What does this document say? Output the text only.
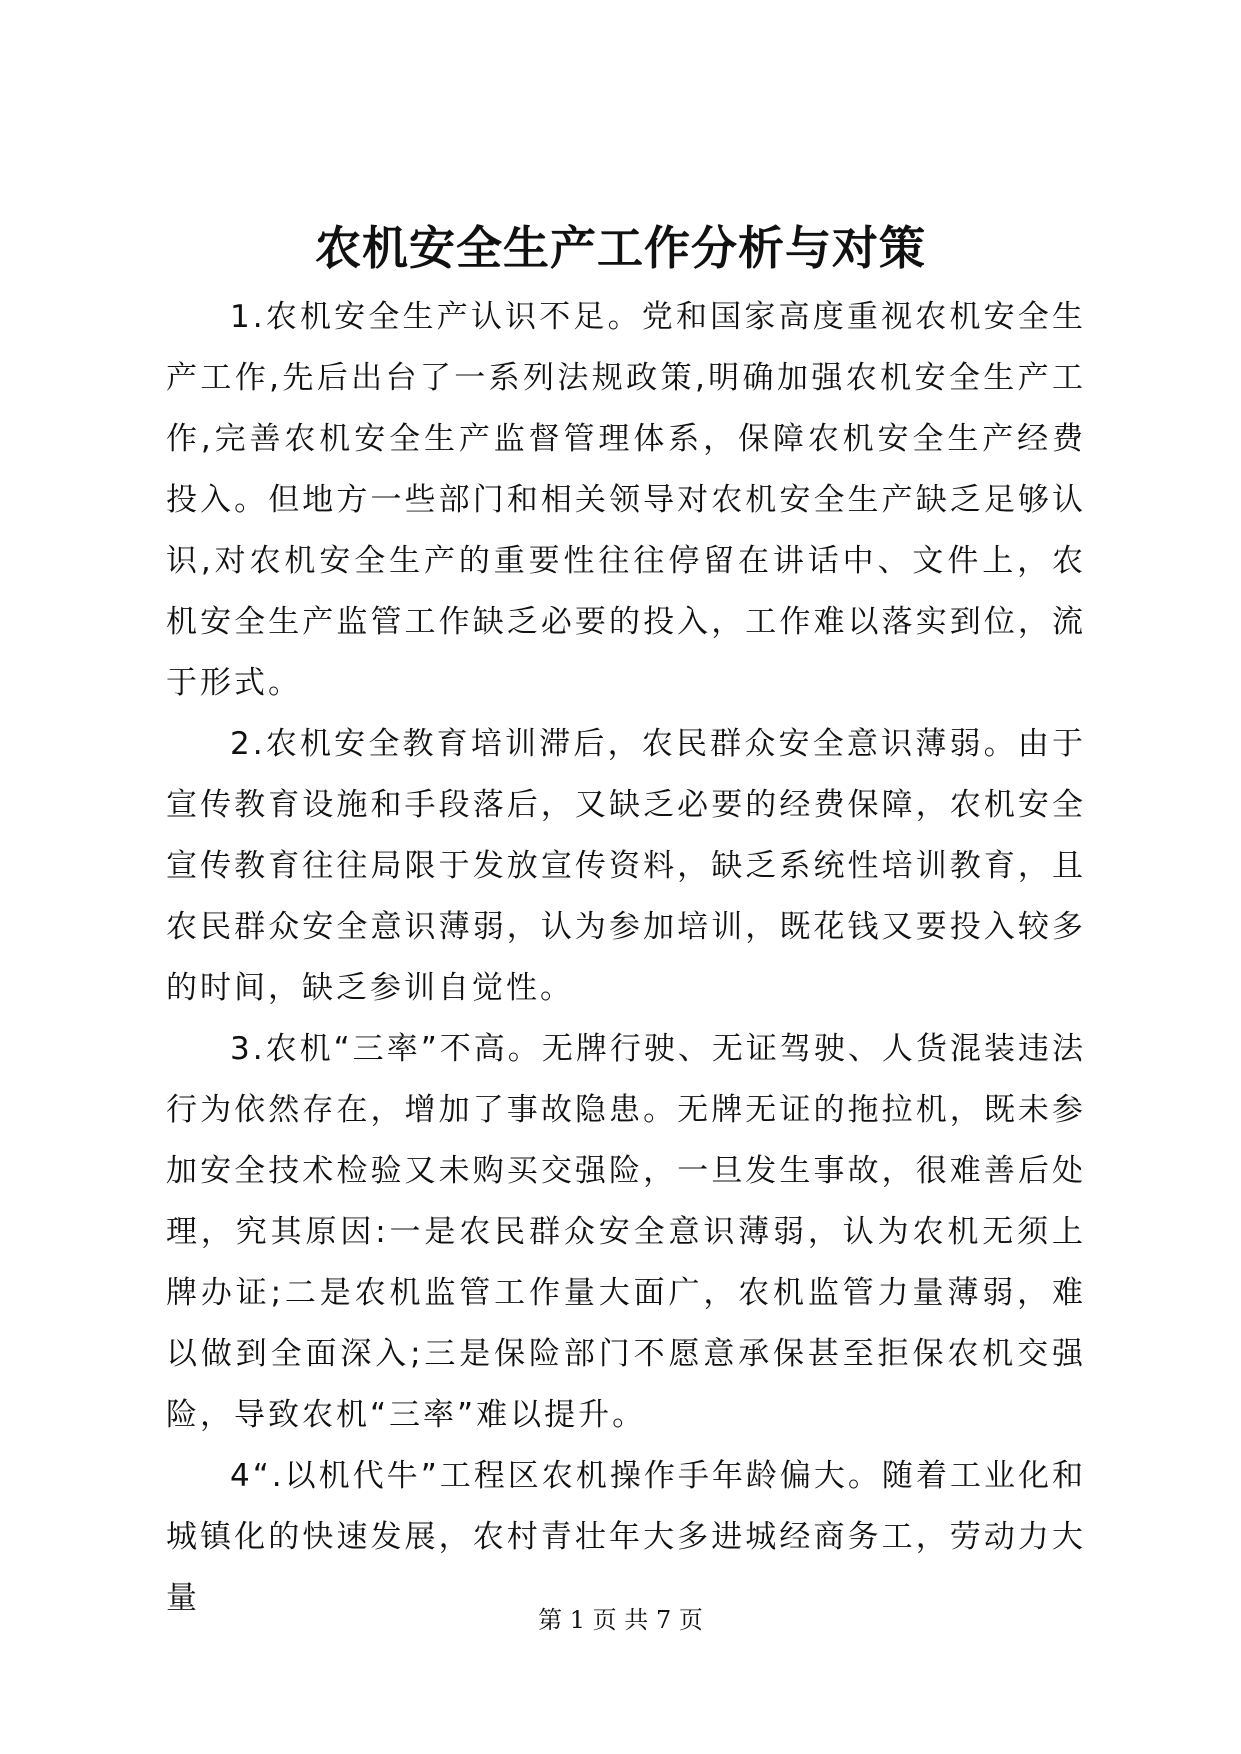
农机安全生产工作分析与对策

1.农机安全生产认识不足。党和国家高度重视农机安全生产工作,先后出台了一系列法规政策,明确加强农机安全生产工作,完善农机安全生产监督管理体系，保障农机安全生产经费投入。但地方一些部门和相关领导对农机安全生产缺乏足够认识,对农机安全生产的重要性往往停留在讲话中、文件上，农机安全生产监管工作缺乏必要的投入，工作难以落实到位，流于形式。

2.农机安全教育培训滞后，农民群众安全意识薄弱。由于宣传教育设施和手段落后，又缺乏必要的经费保障，农机安全宣传教育往往局限于发放宣传资料，缺乏系统性培训教育，且农民群众安全意识薄弱，认为参加培训，既花钱又要投入较多的时间，缺乏参训自觉性。

3.农机“三率”不高。无牌行驶、无证驾驶、人货混装违法行为依然存在，增加了事故隐患。无牌无证的拖拉机，既未参加安全技术检验又未购买交强险，一旦发生事故，很难善后处理，究其原因:一是农民群众安全意识薄弱，认为农机无须上牌办证;二是农机监管工作量大面广，农机监管力量薄弱，难以做到全面深入;三是保险部门不愿意承保甚至拒保农机交强险，导致农机“三率”难以提升。

4“.以机代牛”工程区农机操作手年龄偏大。随着工业化和城镇化的快速发展，农村青壮年大多进城经商务工，劳动力大量

第 1 页 共 7 页
